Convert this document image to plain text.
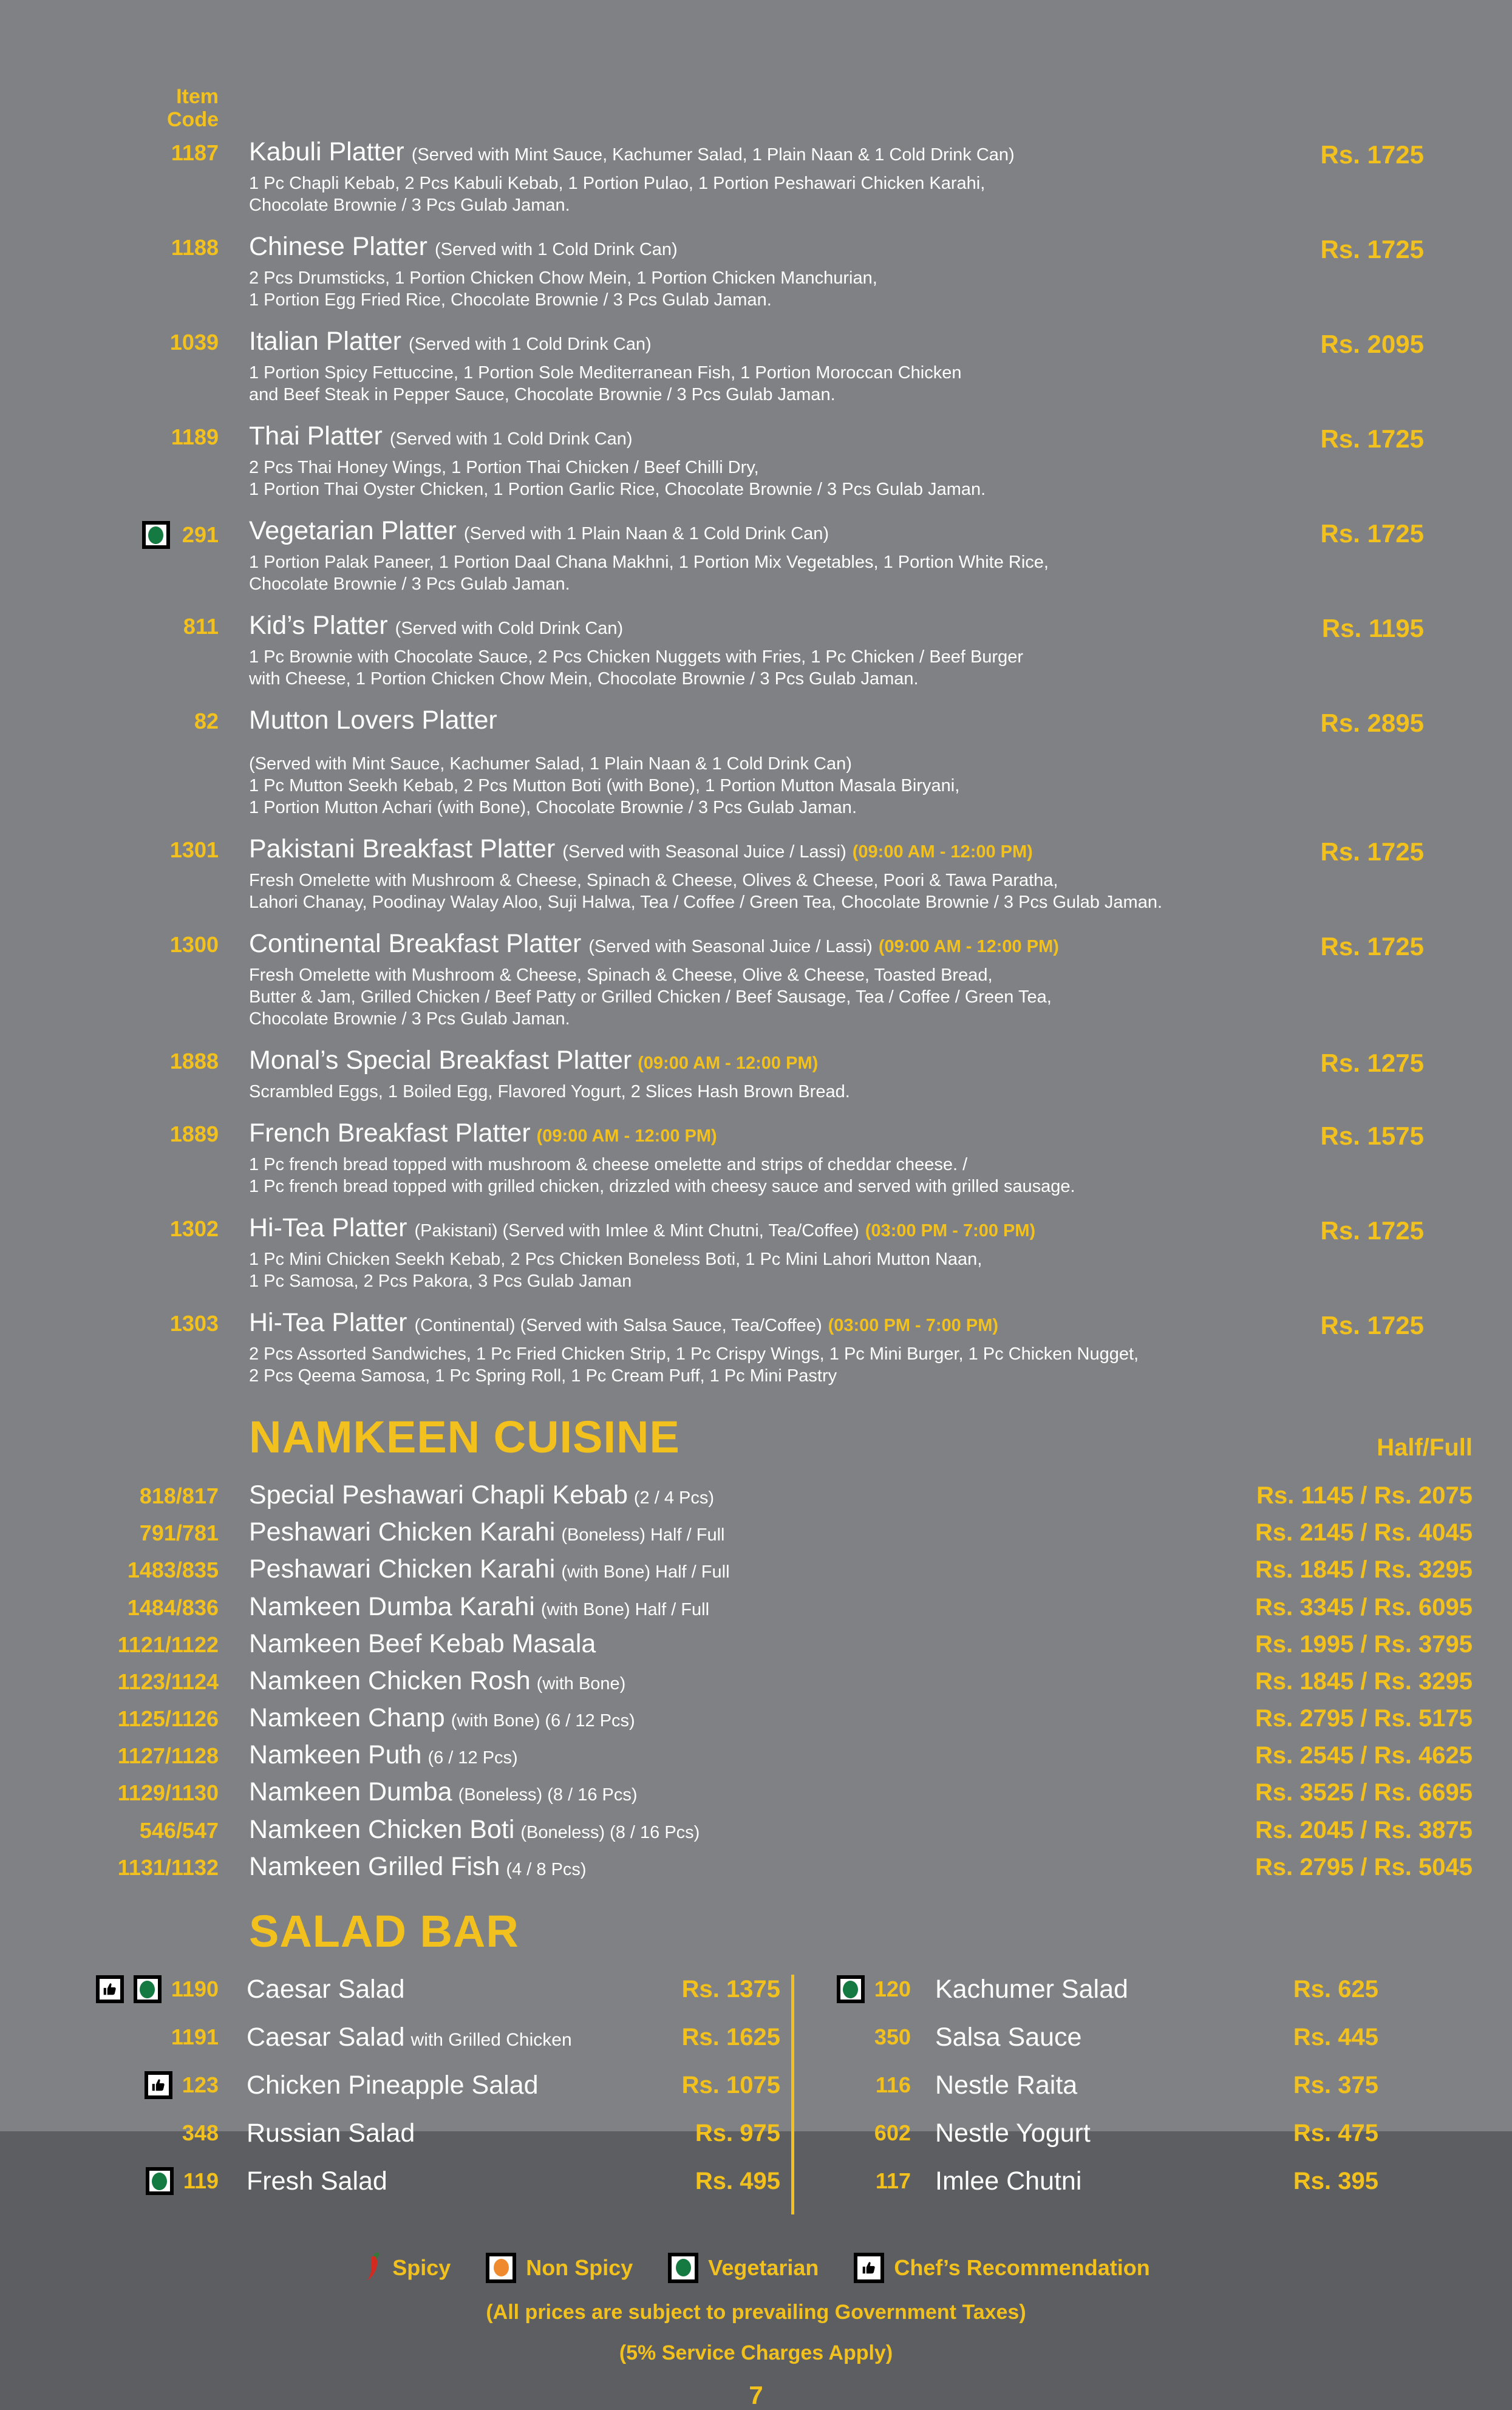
Item
Code
1187 Kabuli Platter (Served with Mint Sauce, Kachumer Salad, 1 Plain Naan & 1 Cold Drink Can)
1 Pc Chapli Kebab, 2 Pcs Kabuli Kebab, 1 Portion Pulao, 1 Portion Peshawari Chicken Karahi,
Chocolate Brownie / 3 Pcs Gulab Jaman.
Rs. 1725
1188 Chinese Platter (Served with 1 Cold Drink Can)
2 Pcs Drumsticks, 1 Portion Chicken Chow Mein, 1 Portion Chicken Manchurian,
1 Portion Egg Fried Rice, Chocolate Brownie / 3 Pcs Gulab Jaman.
Rs. 1725
1039 Italian Platter (Served with 1 Cold Drink Can)
1 Portion Spicy Fettuccine, 1 Portion Sole Mediterranean Fish, 1 Portion Moroccan Chicken
and Beef Steak in Pepper Sauce, Chocolate Brownie / 3 Pcs Gulab Jaman.
Rs. 2095
1189 Thai Platter (Served with 1 Cold Drink Can)
2 Pcs Thai Honey Wings, 1 Portion Thai Chicken / Beef Chilli Dry,
1 Portion Thai Oyster Chicken, 1 Portion Garlic Rice, Chocolate Brownie / 3 Pcs Gulab Jaman.
Rs. 1725
291 Vegetarian Platter (Served with 1 Plain Naan & 1 Cold Drink Can)
1 Portion Palak Paneer, 1 Portion Daal Chana Makhni, 1 Portion Mix Vegetables, 1 Portion White Rice,
Chocolate Brownie / 3 Pcs Gulab Jaman.
Rs. 1725
811 Kid’s Platter (Served with Cold Drink Can)
1 Pc Brownie with Chocolate Sauce, 2 Pcs Chicken Nuggets with Fries, 1 Pc Chicken / Beef Burger
with Cheese, 1 Portion Chicken Chow Mein, Chocolate Brownie / 3 Pcs Gulab Jaman.
Rs. 1195
82 Mutton Lovers Platter
(Served with Mint Sauce, Kachumer Salad, 1 Plain Naan & 1 Cold Drink Can)
1 Pc Mutton Seekh Kebab, 2 Pcs Mutton Boti (with Bone), 1 Portion Mutton Masala Biryani,
1 Portion Mutton Achari (with Bone), Chocolate Brownie / 3 Pcs Gulab Jaman.
Rs. 2895
1301 Pakistani Breakfast Platter (Served with Seasonal Juice / Lassi) (09:00 AM - 12:00 PM)
Fresh Omelette with Mushroom & Cheese, Spinach & Cheese, Olives & Cheese, Poori & Tawa Paratha,
Lahori Chanay, Poodinay Walay Aloo, Suji Halwa, Tea / Coffee / Green Tea, Chocolate Brownie / 3 Pcs Gulab Jaman.
Rs. 1725
1300 Continental Breakfast Platter (Served with Seasonal Juice / Lassi) (09:00 AM - 12:00 PM)
Fresh Omelette with Mushroom & Cheese, Spinach & Cheese, Olive & Cheese, Toasted Bread,
Butter & Jam, Grilled Chicken / Beef Patty or Grilled Chicken / Beef Sausage, Tea / Coffee / Green Tea,
Chocolate Brownie / 3 Pcs Gulab Jaman.
Rs. 1725
1888 Monal’s Special Breakfast Platter (09:00 AM - 12:00 PM)
Scrambled Eggs, 1 Boiled Egg, Flavored Yogurt, 2 Slices Hash Brown Bread.
Rs. 1275
1889 French Breakfast Platter (09:00 AM - 12:00 PM)
1 Pc french bread topped with mushroom & cheese omelette and strips of cheddar cheese. /
1 Pc french bread topped with grilled chicken, drizzled with cheesy sauce and served with grilled sausage.
Rs. 1575
1302 Hi-Tea Platter (Pakistani) (Served with Imlee & Mint Chutni, Tea/Coffee) (03:00 PM - 7:00 PM)
1 Pc Mini Chicken Seekh Kebab, 2 Pcs Chicken Boneless Boti, 1 Pc Mini Lahori Mutton Naan,
1 Pc Samosa, 2 Pcs Pakora, 3 Pcs Gulab Jaman
Rs. 1725
1303 Hi-Tea Platter (Continental) (Served with Salsa Sauce, Tea/Coffee) (03:00 PM - 7:00 PM)
2 Pcs Assorted Sandwiches, 1 Pc Fried Chicken Strip, 1 Pc Crispy Wings, 1 Pc Mini Burger, 1 Pc Chicken Nugget,
2 Pcs Qeema Samosa, 1 Pc Spring Roll, 1 Pc Cream Puff, 1 Pc Mini Pastry
Rs. 1725
NAMKEEN CUISINE	Half/Full
818/817 Special Peshawari Chapli Kebab (2 / 4 Pcs)	Rs. 1145 / Rs. 2075
791/781 Peshawari Chicken Karahi (Boneless) Half / Full	Rs. 2145 / Rs. 4045
1483/835 Peshawari Chicken Karahi (with Bone) Half / Full	Rs. 1845 / Rs. 3295
1484/836 Namkeen Dumba Karahi (with Bone) Half / Full	Rs. 3345 / Rs. 6095
1121/1122 Namkeen Beef Kebab Masala	Rs. 1995 / Rs. 3795
1123/1124 Namkeen Chicken Rosh (with Bone)	Rs. 1845 / Rs. 3295
1125/1126 Namkeen Chanp (with Bone) (6 / 12 Pcs)	Rs. 2795 / Rs. 5175
1127/1128 Namkeen Puth (6 / 12 Pcs)	Rs. 2545 / Rs. 4625
1129/1130 Namkeen Dumba (Boneless) (8 / 16 Pcs)	Rs. 3525 / Rs. 6695
546/547 Namkeen Chicken Boti (Boneless) (8 / 16 Pcs)	Rs. 2045 / Rs. 3875
1131/1132 Namkeen Grilled Fish (4 / 8 Pcs)	Rs. 2795 / Rs. 5045
SALAD BAR
1190 Caesar Salad	Rs. 1375
1191 Caesar Salad with Grilled Chicken	Rs. 1625
123 Chicken Pineapple Salad	Rs. 1075
348 Russian Salad	Rs. 975
119 Fresh Salad	Rs. 495
120 Kachumer Salad	Rs. 625
350 Salsa Sauce	Rs. 445
116 Nestle Raita	Rs. 375
602 Nestle Yogurt	Rs. 475
117 Imlee Chutni	Rs. 395
Spicy	Non Spicy	Vegetarian	Chef’s Recommendation
(All prices are subject to prevailing Government Taxes)
(5% Service Charges Apply)
7
